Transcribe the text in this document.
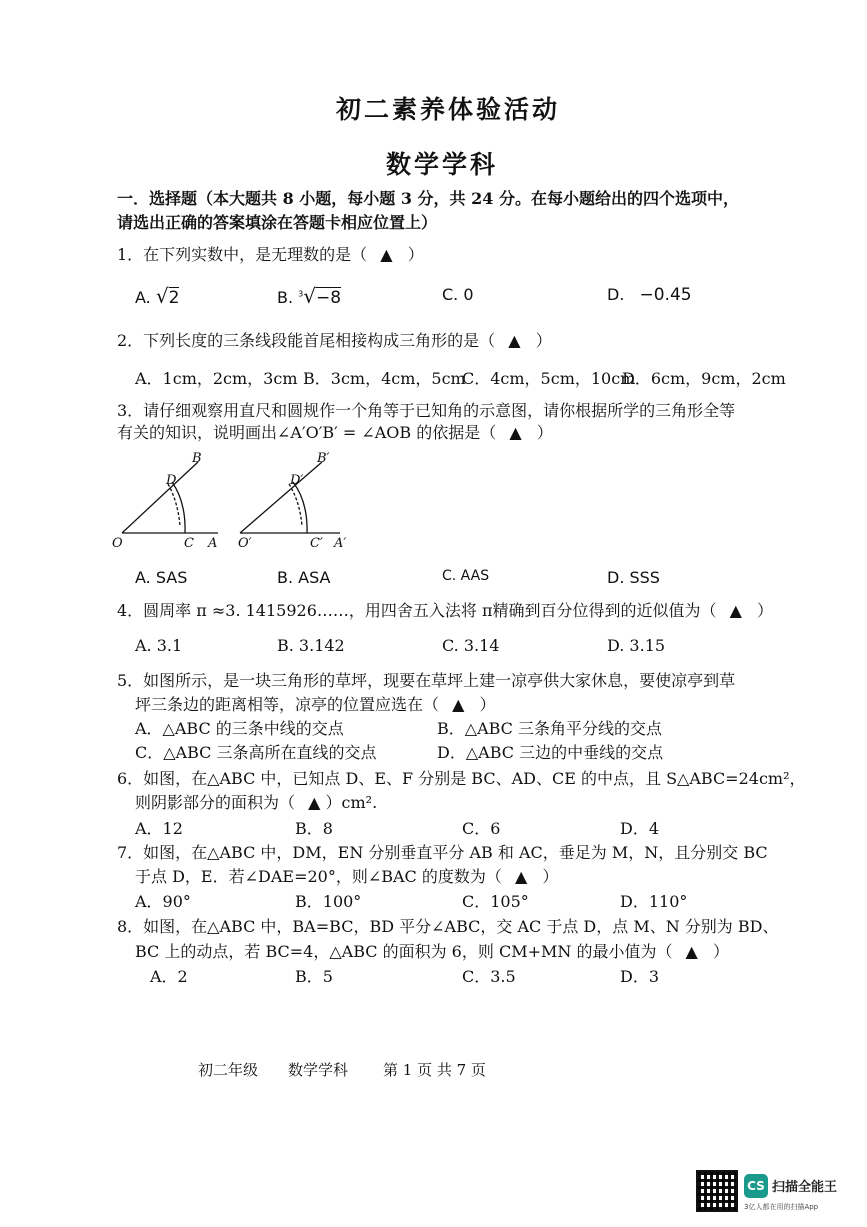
初二素养体验活动
数学学科
一．选择题（本大题共 8 小题，每小题 3 分，共 24 分。在每小题给出的四个选项中，
请选出正确的答案填涂在答题卡相应位置上）
1．在下列实数中，是无理数的是（ ▲ ）
A. √2	B. $^3$√−8	C. 0	D. −0.45
2．下列长度的三条线段能首尾相接构成三角形的是（ ▲ ）
A．1cm，2cm，3cm B．3cm，4cm，5cm
C．4cm，5cm，10cm
D．6cm，9cm，2cm
3．请仔细观察用直尺和圆规作一个角等于已知角的示意图，请你根据所学的三角形全等
有关的知识，说明画出∠A′O′B′ = ∠AOB 的依据是（ ▲ ）
B
D
O	C A
B′
D′
O′	C′ A′
A. SAS	B. ASA	C. AAS	D. SSS
4．圆周率 π ≈3. 1415926……，用四舍五入法将 π精确到百分位得到的近似值为（ ▲ ）
A. 3.1	B. 3.142	C. 3.14	D. 3.15
5．如图所示，是一块三角形的草坪，现要在草坪上建一凉亭供大家休息，要使凉亭到草
坪三条边的距离相等，凉亭的位置应选在（ ▲ ）
A．△ABC 的三条中线的交点	B．△ABC 三条角平分线的交点
C．△ABC 三条高所在直线的交点	D．△ABC 三边的中垂线的交点
6．如图，在△ABC 中，已知点 D、E、F 分别是 BC、AD、CE 的中点，且 S△ABC=24cm²，
则阴影部分的面积为（ ▲ ）cm².
A．12	B．8	C．6	D．4
7．如图，在△ABC 中，DM，EN 分别垂直平分 AB 和 AC，垂足为 M，N，且分别交 BC
于点 D，E．若∠DAE=20°，则∠BAC 的度数为（ ▲ ）
A．90°	B．100°	C．105°	D．110°
8．如图，在△ABC 中，BA=BC，BD 平分∠ABC，交 AC 于点 D，点 M、N 分别为 BD、
BC 上的动点，若 BC=4，△ABC 的面积为 6，则 CM+MN 的最小值为（ ▲ ）
A．2	B．5	C．3.5	D．3
初二年级 数学学科 第 1 页 共 7 页
CS 扫描全能王
3亿人都在用的扫描App
